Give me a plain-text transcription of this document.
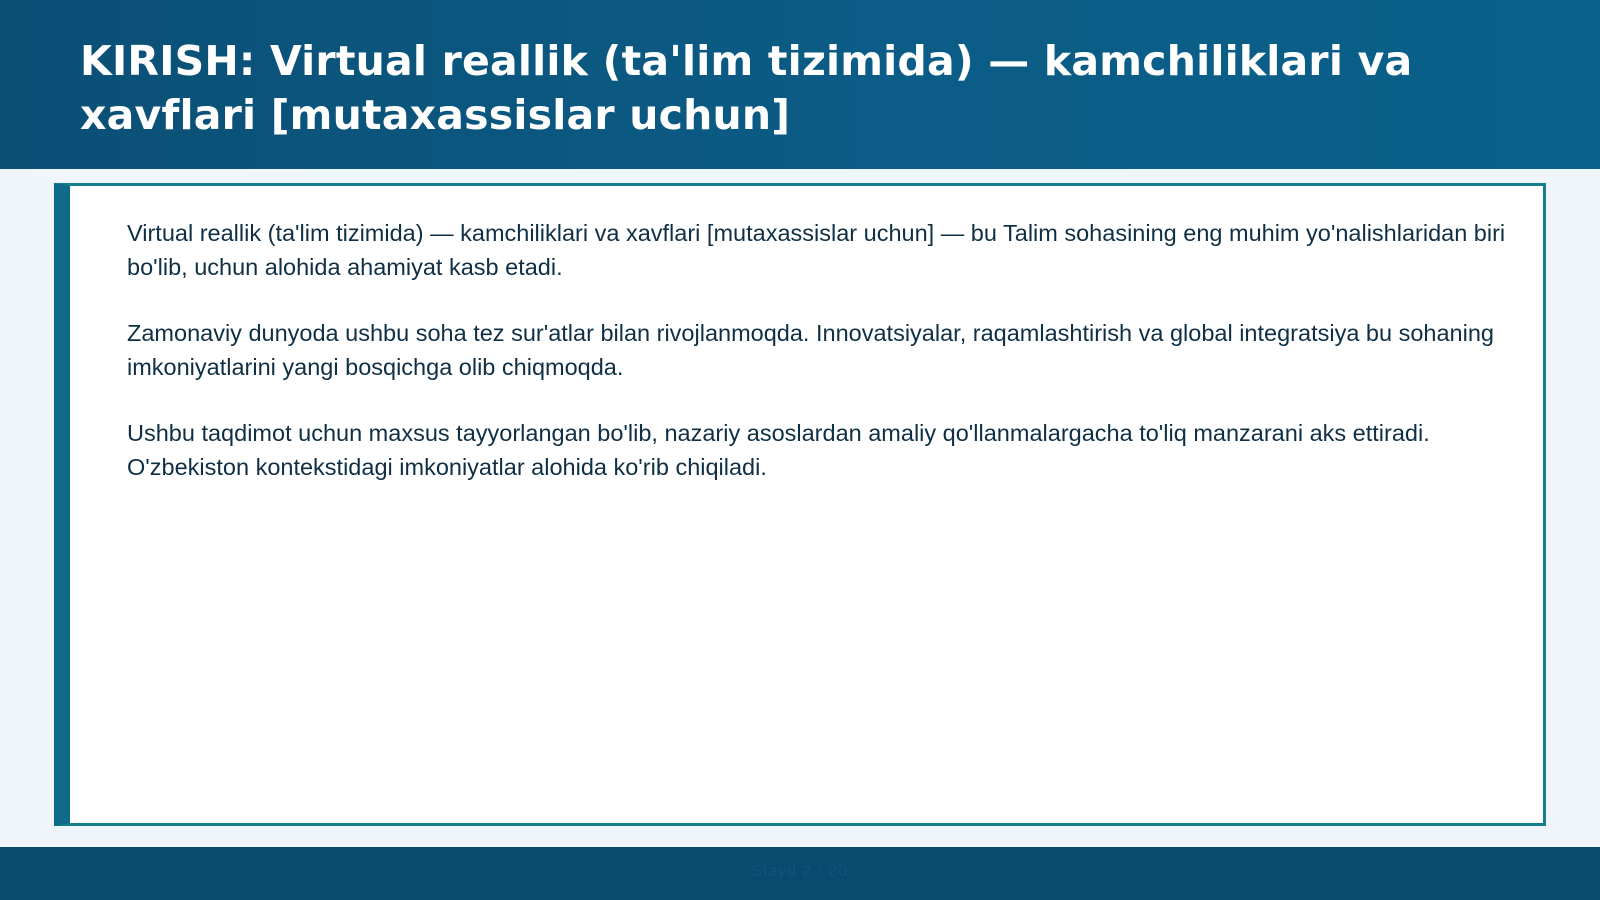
KIRISH: Virtual reallik (ta'lim tizimida) — kamchiliklari va xavflari [mutaxassislar uchun]

Virtual reallik (ta'lim tizimida) — kamchiliklari va xavflari [mutaxassislar uchun] — bu Talim sohasining eng muhim yo'nalishlaridan biri bo'lib, uchun alohida ahamiyat kasb etadi.

Zamonaviy dunyoda ushbu soha tez sur'atlar bilan rivojlanmoqda. Innovatsiyalar, raqamlashtirish va global integratsiya bu sohaning imkoniyatlarini yangi bosqichga olib chiqmoqda.

Ushbu taqdimot uchun maxsus tayyorlangan bo'lib, nazariy asoslardan amaliy qo'llanmalargacha to'liq manzarani aks ettiradi. O'zbekiston kontekstidagi imkoniyatlar alohida ko'rib chiqiladi.

Slayd 2 / 20
